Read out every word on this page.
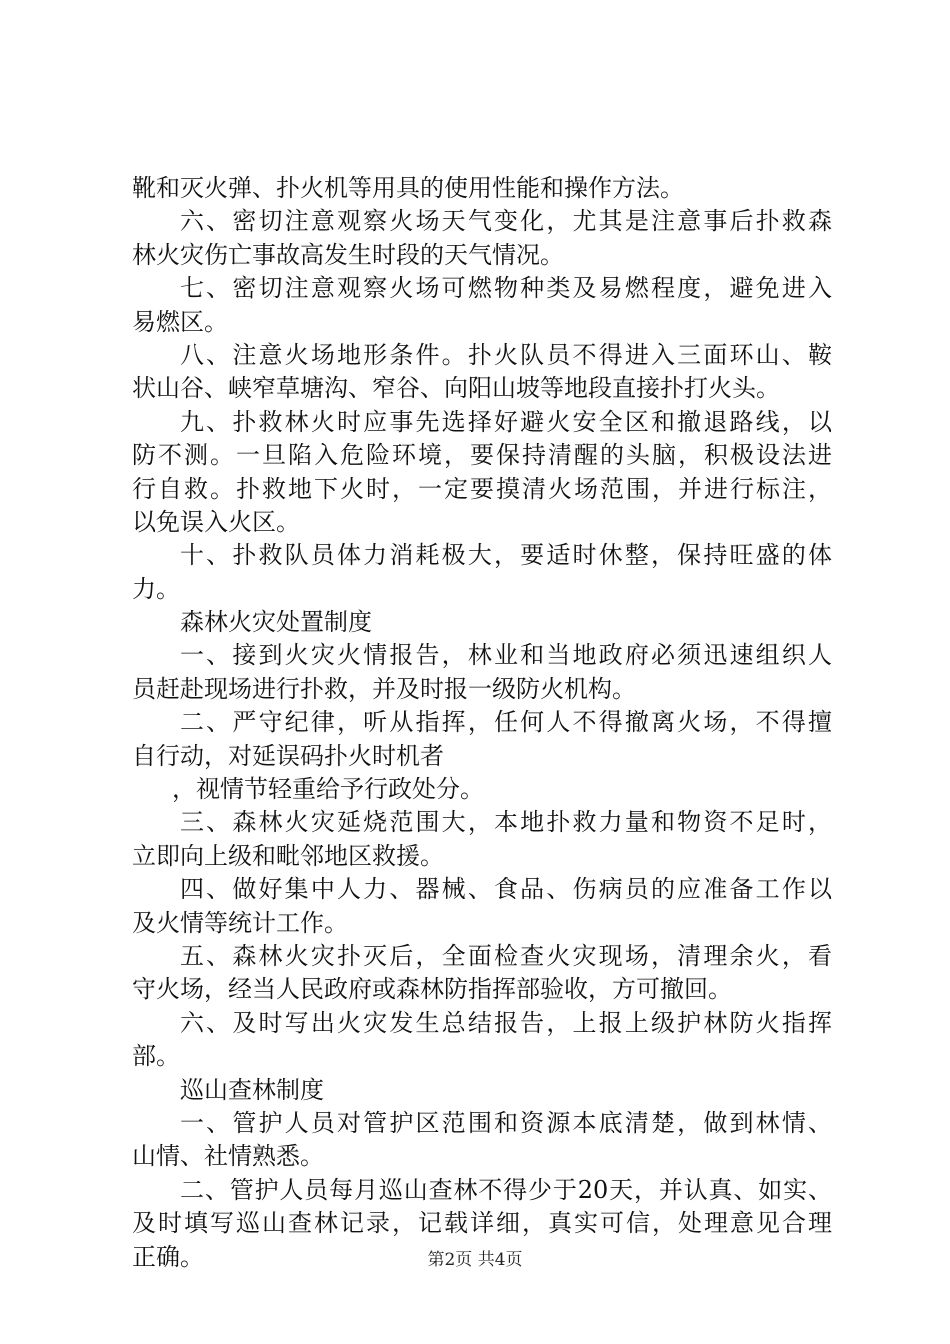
靴和灭火弹、扑火机等用具的使用性能和操作方法。
六、密切注意观察火场天气变化，尤其是注意事后扑救森
林火灾伤亡事故高发生时段的天气情况。
七、密切注意观察火场可燃物种类及易燃程度，避免进入
易燃区。
八、注意火场地形条件。扑火队员不得进入三面环山、鞍
状山谷、峡窄草塘沟、窄谷、向阳山坡等地段直接扑打火头。
九、扑救林火时应事先选择好避火安全区和撤退路线，以
防不测。一旦陷入危险环境，要保持清醒的头脑，积极设法进
行自救。扑救地下火时，一定要摸清火场范围，并进行标注，
以免误入火区。
十、扑救队员体力消耗极大，要适时休整，保持旺盛的体
力。
森林火灾处置制度
一、接到火灾火情报告，林业和当地政府必须迅速组织人
员赶赴现场进行扑救，并及时报一级防火机构。
二、严守纪律，听从指挥，任何人不得撤离火场，不得擅
自行动，对延误码扑火时机者
，视情节轻重给予行政处分。
三、森林火灾延烧范围大，本地扑救力量和物资不足时，
立即向上级和毗邻地区救援。
四、做好集中人力、器械、食品、伤病员的应准备工作以
及火情等统计工作。
五、森林火灾扑灭后，全面检查火灾现场，清理余火，看
守火场，经当人民政府或森林防指挥部验收，方可撤回。
六、及时写出火灾发生总结报告，上报上级护林防火指挥
部。
巡山查林制度
一、管护人员对管护区范围和资源本底清楚，做到林情、
山情、社情熟悉。
二、管护人员每月巡山查林不得少于20天，并认真、如实、
及时填写巡山查林记录，记载详细，真实可信，处理意见合理
正确。	第2页 共4页
